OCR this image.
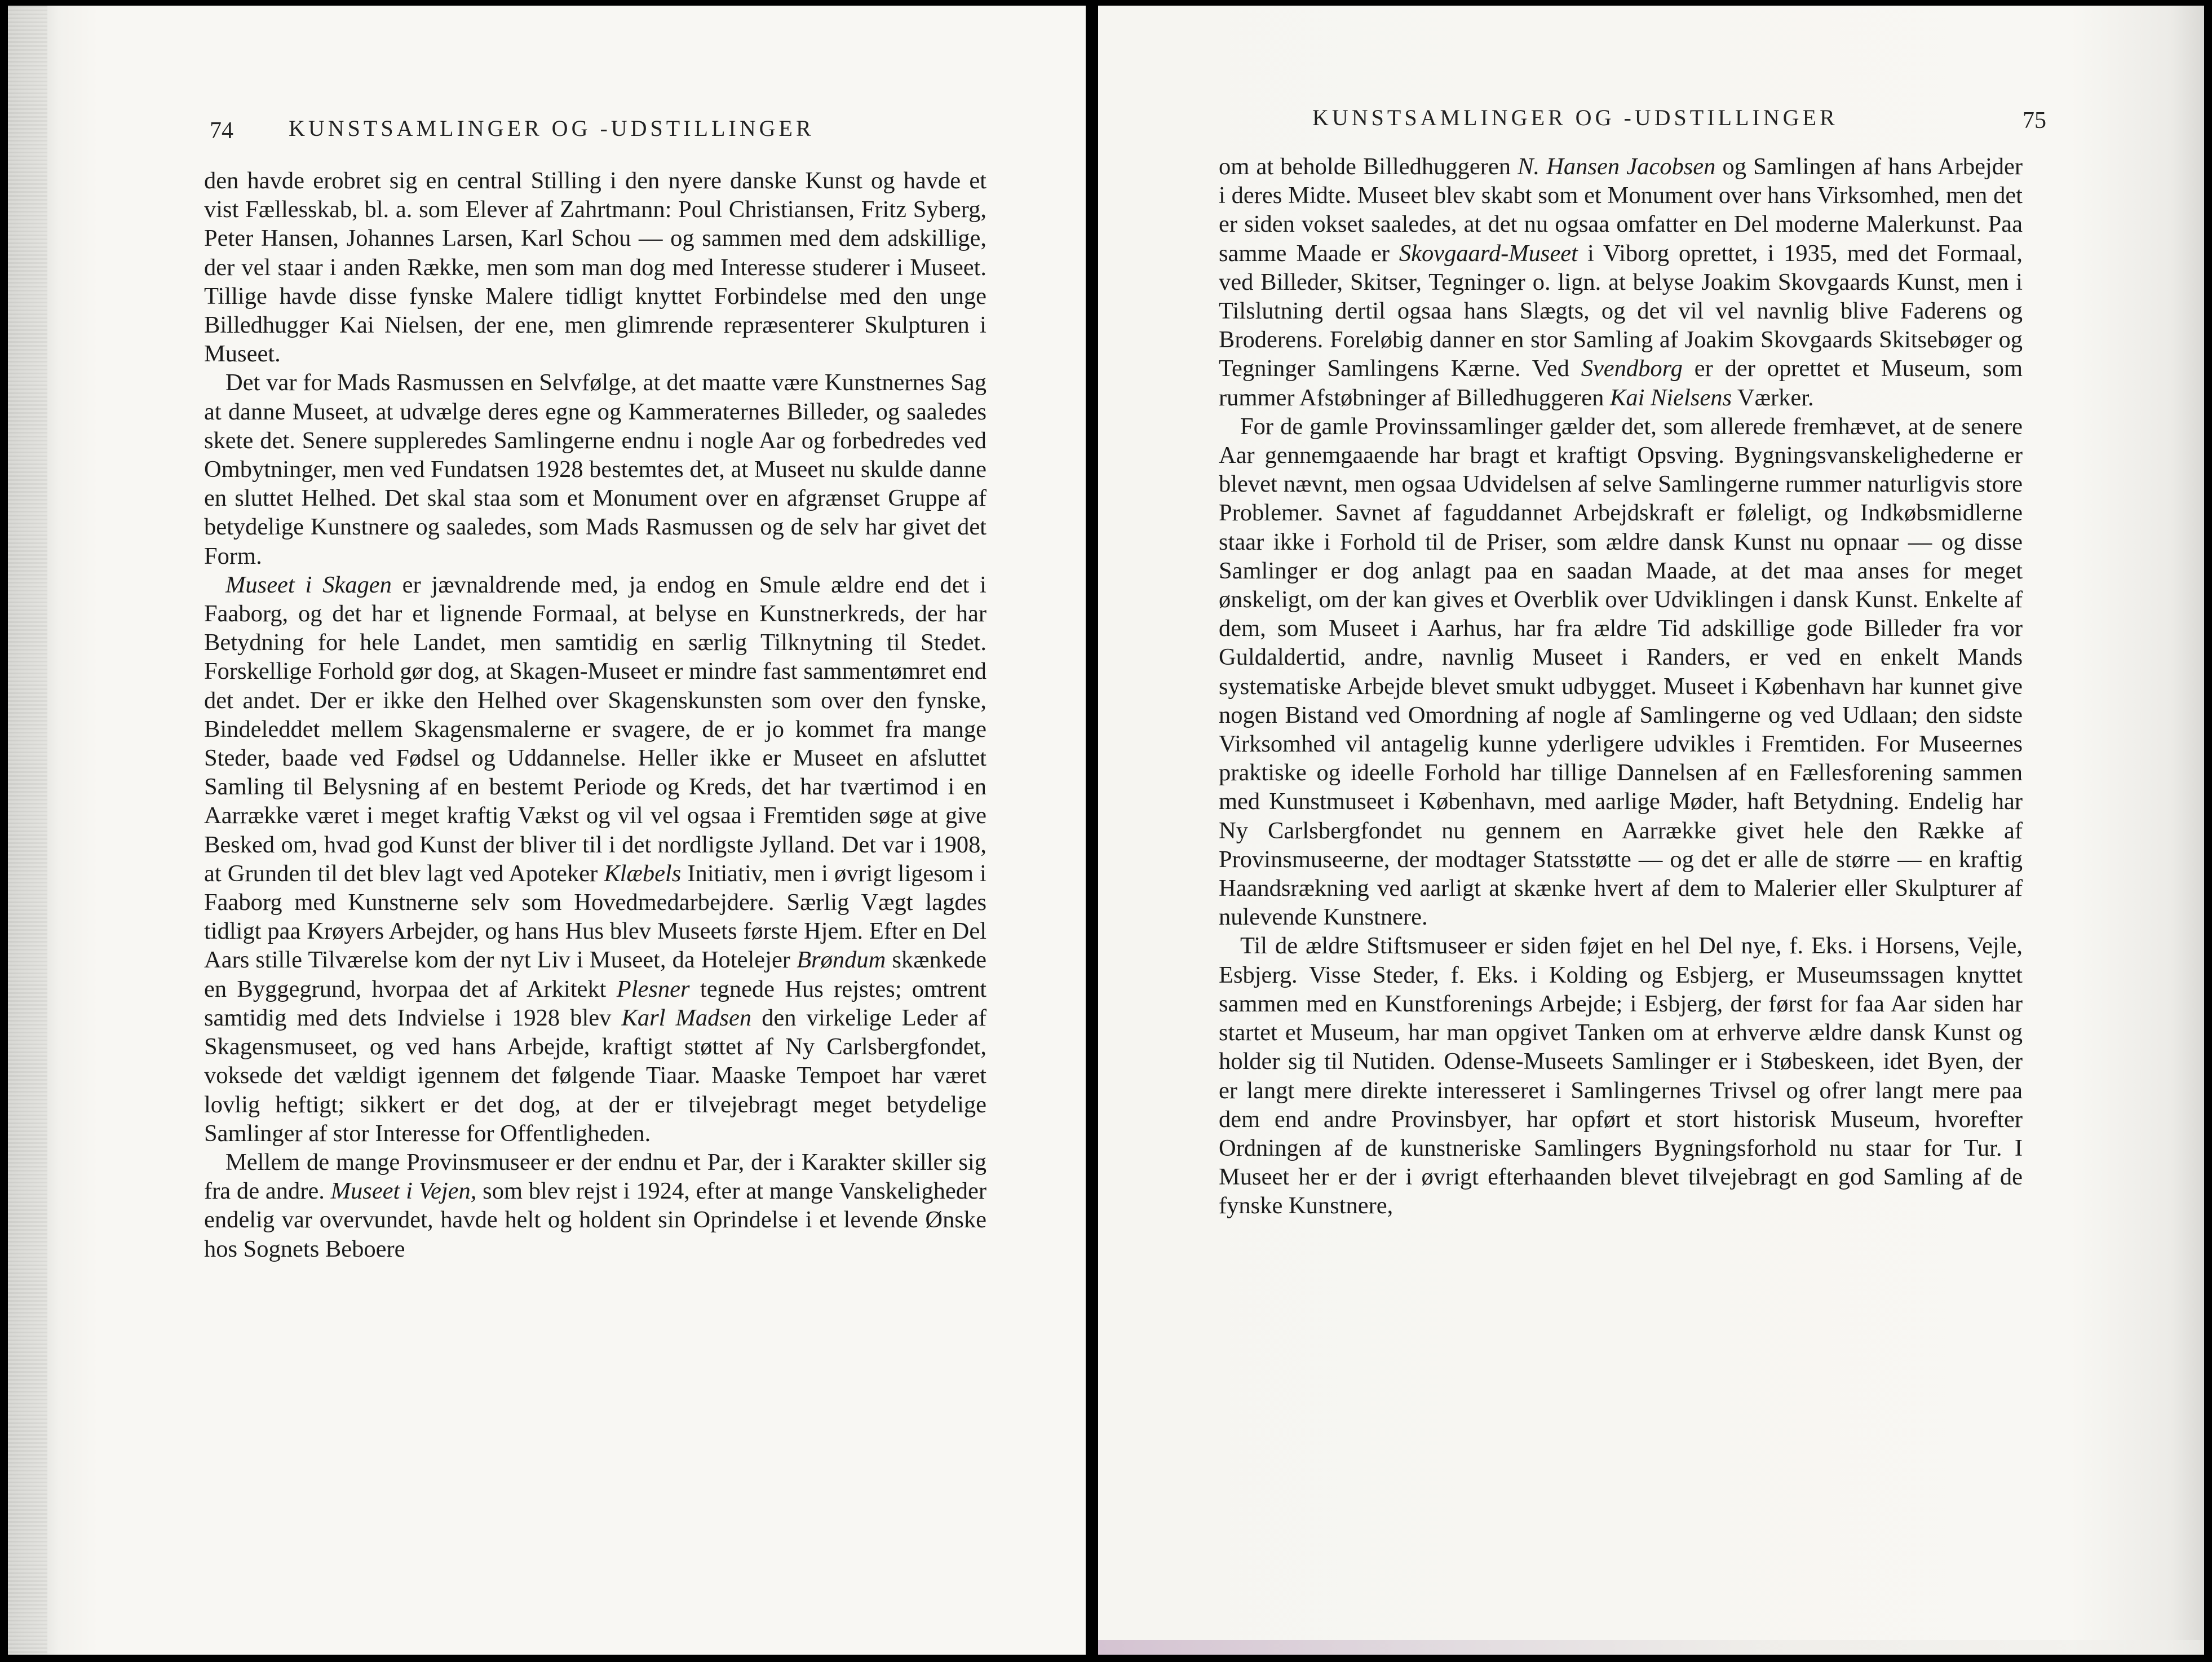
74 KUNSTSAMLINGER OG -UDSTILLINGER

den havde erobret sig en central Stilling i den nyere danske Kunst og havde et vist Fællesskab, bl. a. som Elever af Zahrtmann: Poul Christiansen, Fritz Syberg, Peter Hansen, Johannes Larsen, Karl Schou — og sammen med dem adskillige, der vel staar i anden Række, men som man dog med Interesse studerer i Museet. Tillige havde disse fynske Malere tidligt knyttet Forbindelse med den unge Billedhugger Kai Nielsen, der ene, men glimrende repræsenterer Skulpturen i Museet.

Det var for Mads Rasmussen en Selvfølge, at det maatte være Kunstnernes Sag at danne Museet, at udvælge deres egne og Kammeraternes Billeder, og saaledes skete det. Senere suppleredes Samlingerne endnu i nogle Aar og forbedredes ved Ombytninger, men ved Fundatsen 1928 bestemtes det, at Museet nu skulde danne en sluttet Helhed. Det skal staa som et Monument over en afgrænset Gruppe af betydelige Kunstnere og saaledes, som Mads Rasmussen og de selv har givet det Form.

Museet i Skagen er jævnaldrende med, ja endog en Smule ældre end det i Faaborg, og det har et lignende Formaal, at belyse en Kunstnerkreds, der har Betydning for hele Landet, men samtidig en særlig Tilknytning til Stedet. Forskellige Forhold gør dog, at Skagen-Museet er mindre fast sammentømret end det andet. Der er ikke den Helhed over Skagenskunsten som over den fynske, Bindeleddet mellem Skagensmalerne er svagere, de er jo kommet fra mange Steder, baade ved Fødsel og Uddannelse. Heller ikke er Museet en afsluttet Samling til Belysning af en bestemt Periode og Kreds, det har tværtimod i en Aarrække været i meget kraftig Vækst og vil vel ogsaa i Fremtiden søge at give Besked om, hvad god Kunst der bliver til i det nordligste Jylland. Det var i 1908, at Grunden til det blev lagt ved Apoteker Klæbels Initiativ, men i øvrigt ligesom i Faaborg med Kunstnerne selv som Hovedmedarbejdere. Særlig Vægt lagdes tidligt paa Krøyers Arbejder, og hans Hus blev Museets første Hjem. Efter en Del Aars stille Tilværelse kom der nyt Liv i Museet, da Hotelejer Brøndum skænkede en Byggegrund, hvorpaa det af Arkitekt Plesner tegnede Hus rejstes; omtrent samtidig med dets Indvielse i 1928 blev Karl Madsen den virkelige Leder af Skagensmuseet, og ved hans Arbejde, kraftigt støttet af Ny Carlsbergfondet, voksede det vældigt igennem det følgende Tiaar. Maaske Tempoet har været lovlig heftigt; sikkert er det dog, at der er tilvejebragt meget betydelige Samlinger af stor Interesse for Offentligheden.

Mellem de mange Provinsmuseer er der endnu et Par, der i Karakter skiller sig fra de andre. Museet i Vejen, som blev rejst i 1924, efter at mange Vanskeligheder endelig var overvundet, havde helt og holdent sin Oprindelse i et levende Ønske hos Sognets Beboere

KUNSTSAMLINGER OG -UDSTILLINGER	75

om at beholde Billedhuggeren N. Hansen Jacobsen og Samlingen af hans Arbejder i deres Midte. Museet blev skabt som et Monument over hans Virksomhed, men det er siden vokset saaledes, at det nu ogsaa omfatter en Del moderne Malerkunst. Paa samme Maade er Skovgaard-Museet i Viborg oprettet, i 1935, med det Formaal, ved Billeder, Skitser, Tegninger o. lign. at belyse Joakim Skovgaards Kunst, men i Tilslutning dertil ogsaa hans Slægts, og det vil vel navnlig blive Faderens og Broderens. Foreløbig danner en stor Samling af Joakim Skovgaards Skitsebøger og Tegninger Samlingens Kærne. Ved Svendborg er der oprettet et Museum, som rummer Afstøbninger af Billedhuggeren Kai Nielsens Værker.

For de gamle Provinssamlinger gælder det, som allerede fremhævet, at de senere Aar gennemgaaende har bragt et kraftigt Opsving. Bygningsvanskelighederne er blevet nævnt, men ogsaa Udvidelsen af selve Samlingerne rummer naturligvis store Problemer. Savnet af faguddannet Arbejdskraft er føleligt, og Indkøbsmidlerne staar ikke i Forhold til de Priser, som ældre dansk Kunst nu opnaar — og disse Samlinger er dog anlagt paa en saadan Maade, at det maa anses for meget ønskeligt, om der kan gives et Overblik over Udviklingen i dansk Kunst. Enkelte af dem, som Museet i Aarhus, har fra ældre Tid adskillige gode Billeder fra vor Guldaldertid, andre, navnlig Museet i Randers, er ved en enkelt Mands systematiske Arbejde blevet smukt udbygget. Museet i København har kunnet give nogen Bistand ved Omordning af nogle af Samlingerne og ved Udlaan; den sidste Virksomhed vil antagelig kunne yderligere udvikles i Fremtiden. For Museernes praktiske og ideelle Forhold har tillige Dannelsen af en Fællesforening sammen med Kunstmuseet i København, med aarlige Møder, haft Betydning. Endelig har Ny Carlsbergfondet nu gennem en Aarrække givet hele den Række af Provinsmuseerne, der modtager Statsstøtte — og det er alle de større — en kraftig Haandsrækning ved aarligt at skænke hvert af dem to Malerier eller Skulpturer af nulevende Kunstnere.

Til de ældre Stiftsmuseer er siden føjet en hel Del nye, f. Eks. i Horsens, Vejle, Esbjerg. Visse Steder, f. Eks. i Kolding og Esbjerg, er Museumssagen knyttet sammen med en Kunstforenings Arbejde; i Esbjerg, der først for faa Aar siden har startet et Museum, har man opgivet Tanken om at erhverve ældre dansk Kunst og holder sig til Nutiden. Odense-Museets Samlinger er i Støbeskeen, idet Byen, der er langt mere direkte interesseret i Samlingernes Trivsel og ofrer langt mere paa dem end andre Provinsbyer, har opført et stort historisk Museum, hvorefter Ordningen af de kunstneriske Samlingers Bygningsforhold nu staar for Tur. I Museet her er der i øvrigt efterhaanden blevet tilvejebragt en god Samling af de fynske Kunstnere,
